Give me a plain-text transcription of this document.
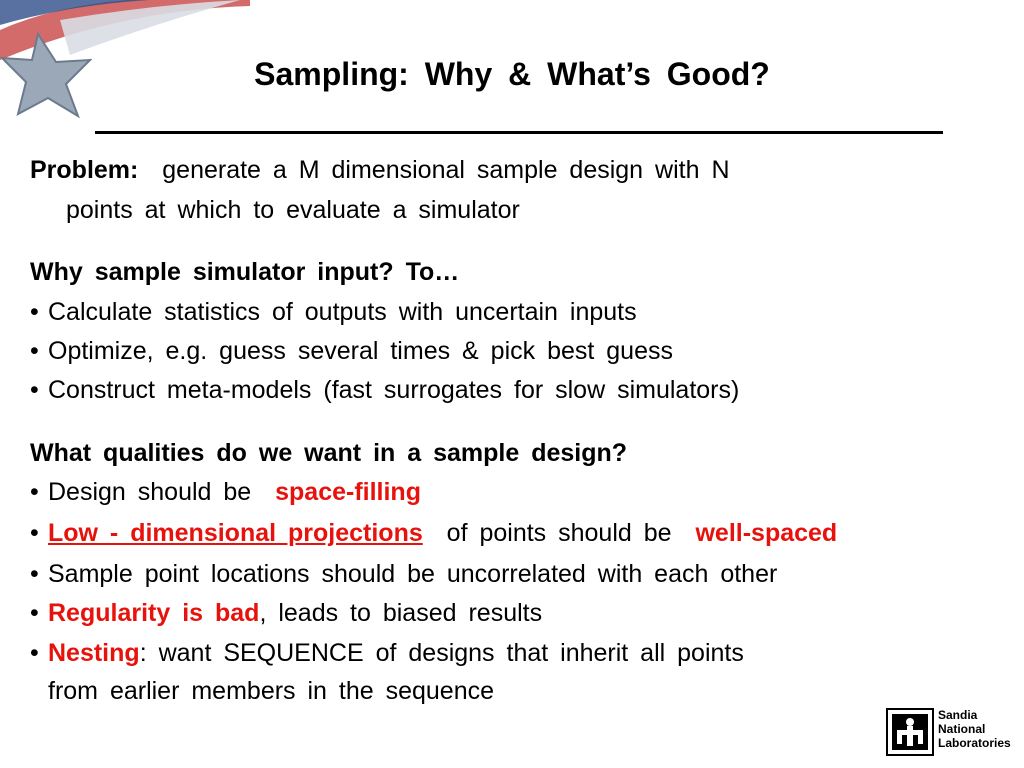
Sampling: Why & What’s Good?
Problem: generate a M dimensional sample design with N
points at which to evaluate a simulator
Why sample simulator input? To…
• Calculate statistics of outputs with uncertain inputs
• Optimize, e.g. guess several times & pick best guess
• Construct meta-models (fast surrogates for slow simulators)
What qualities do we want in a sample design?
• Design should be space-filling
• Low - dimensional projections of points should be well-spaced
• Sample point locations should be uncorrelated with each other
• Regularity is bad, leads to biased results
• Nesting: want SEQUENCE of designs that inherit all points
from earlier members in the sequence
Sandia
National
Laboratories
